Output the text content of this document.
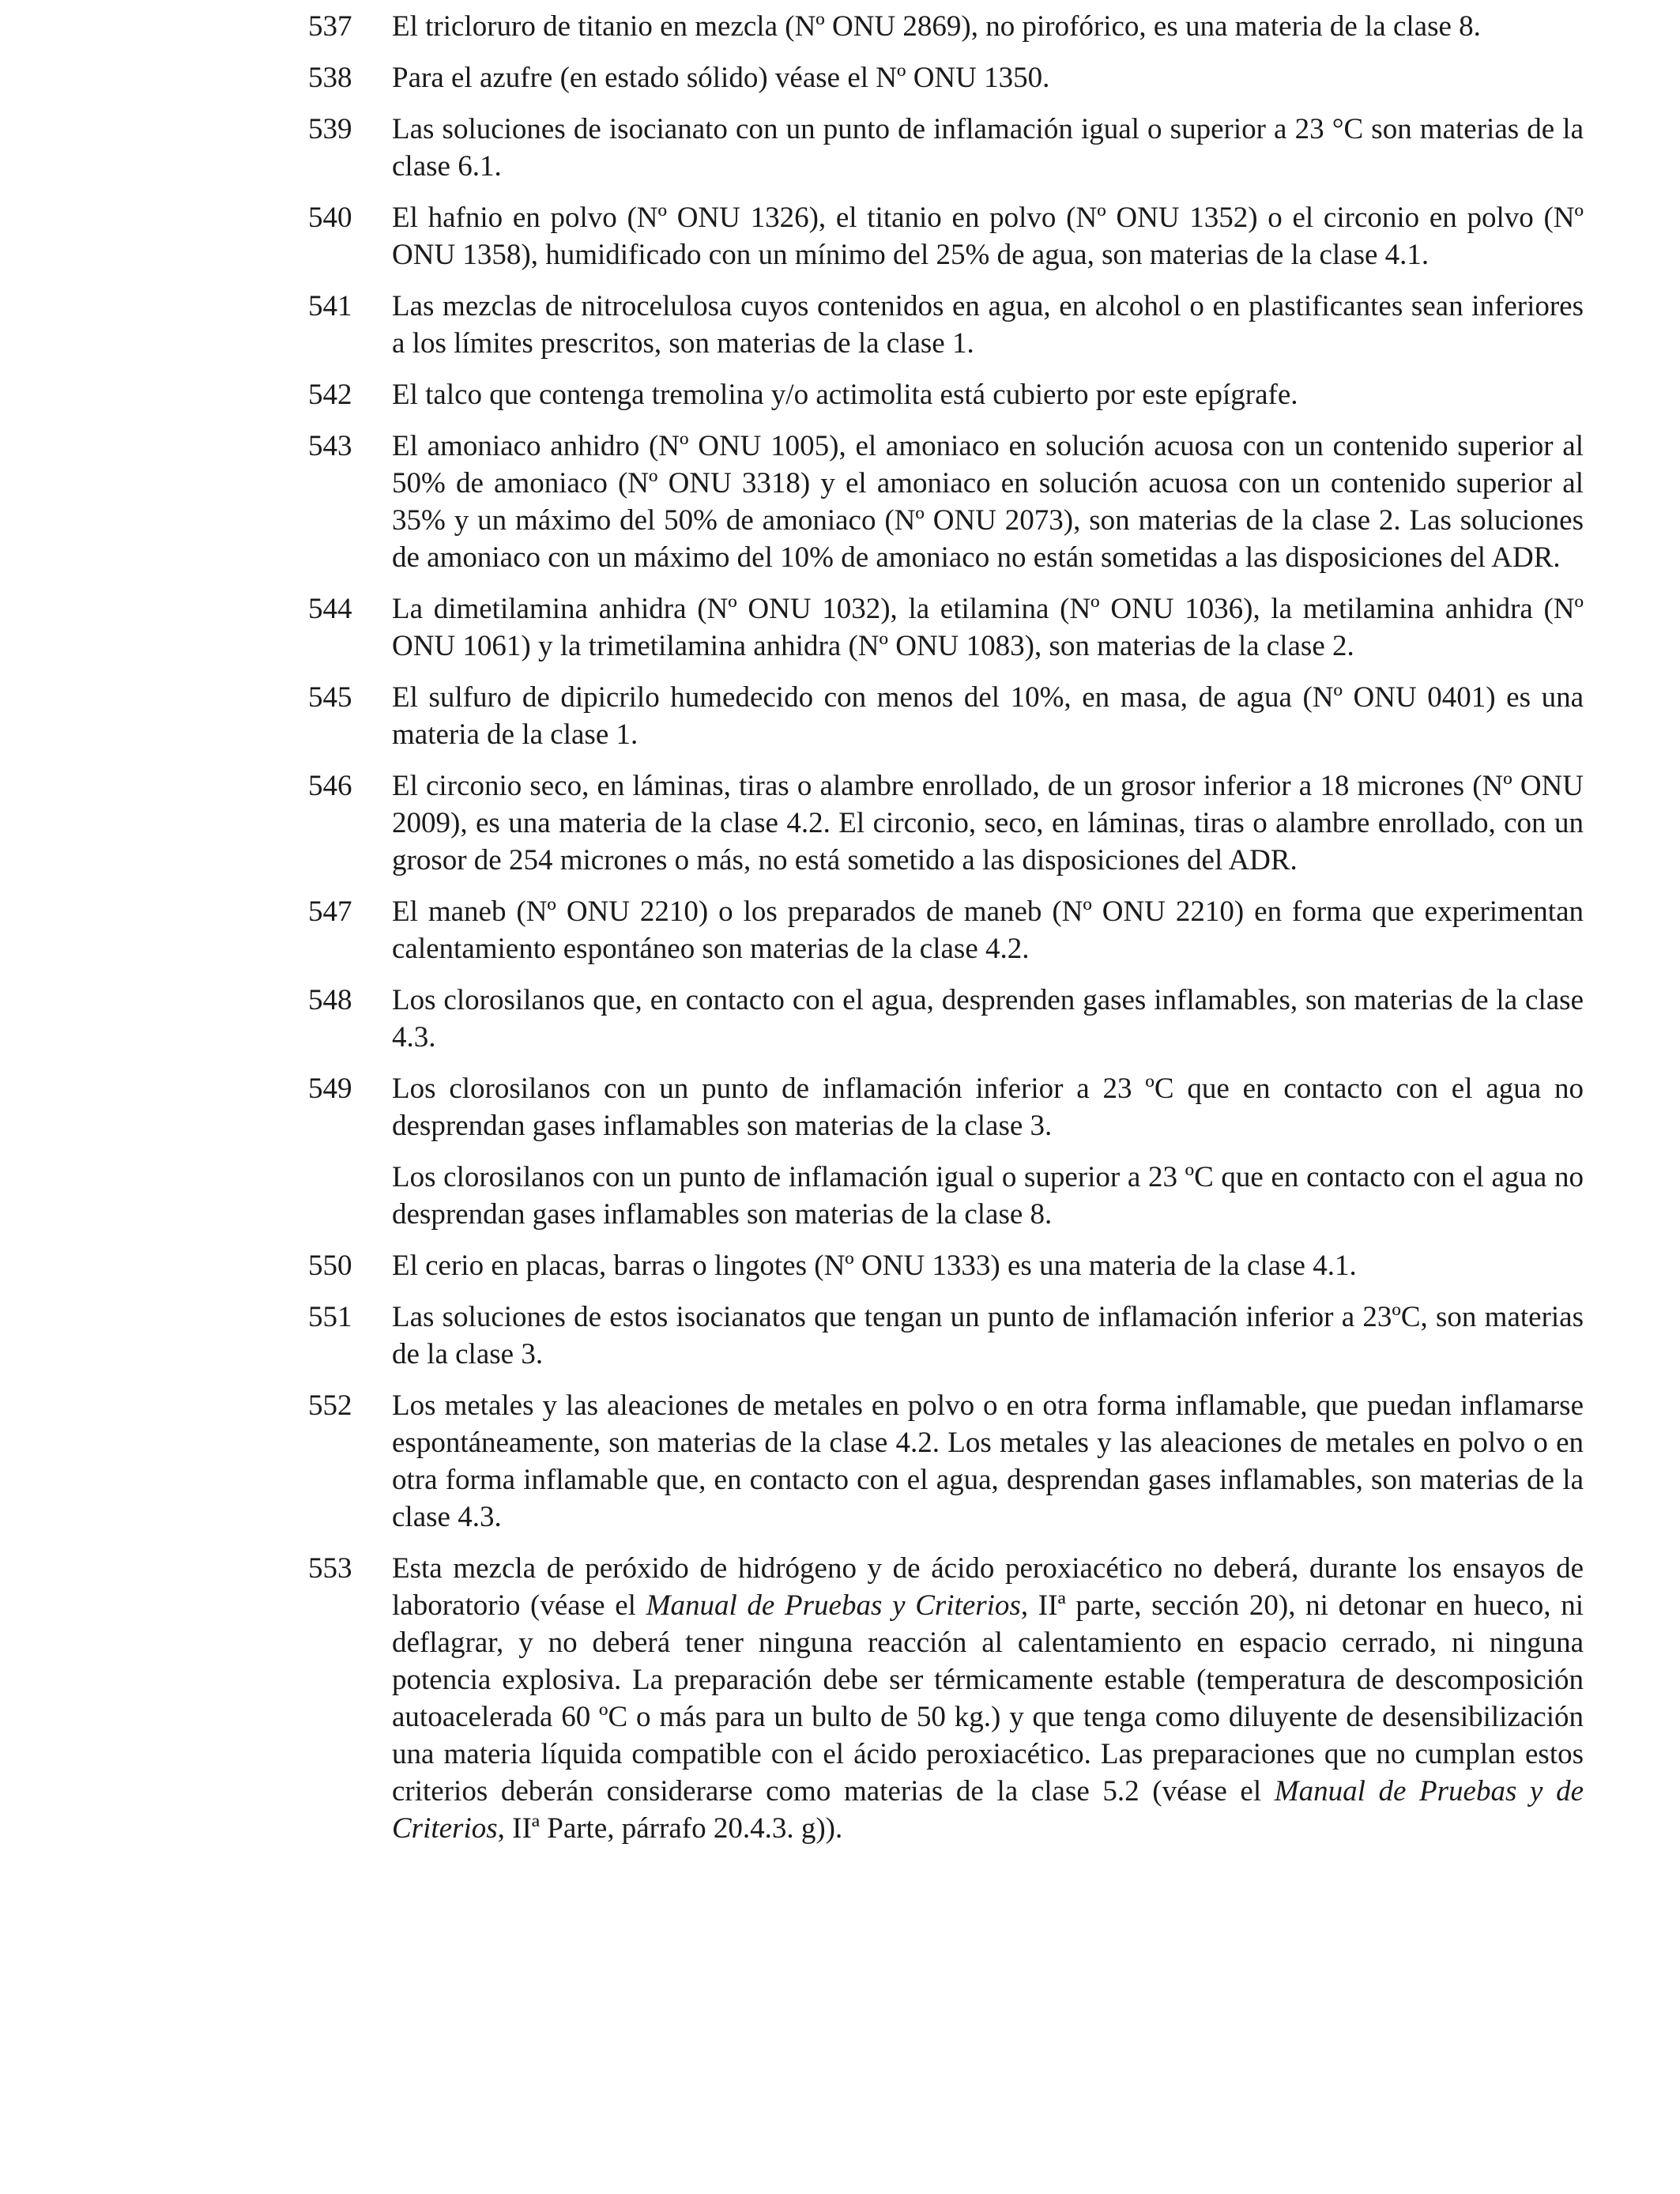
537	El tricloruro de titanio en mezcla (Nº ONU 2869), no pirofórico, es una materia de la clase 8.

538	Para el azufre (en estado sólido) véase el Nº ONU 1350.

539	Las soluciones de isocianato con un punto de inflamación igual o superior a 23 °C son materias de la clase 6.1.

540	El hafnio en polvo (Nº ONU 1326), el titanio en polvo (Nº ONU 1352) o el circonio en polvo (Nº ONU 1358), humidificado con un mínimo del 25% de agua, son materias de la clase 4.1.

541	Las mezclas de nitrocelulosa cuyos contenidos en agua, en alcohol o en plastificantes sean inferiores a los límites prescritos, son materias de la clase 1.

542	El talco que contenga tremolina y/o actimolita está cubierto por este epígrafe.

543	El amoniaco anhidro (Nº ONU 1005), el amoniaco en solución acuosa con un contenido superior al 50% de amoniaco (Nº ONU 3318) y el amoniaco en solución acuosa con un contenido superior al 35% y un máximo del 50% de amoniaco (Nº ONU 2073), son materias de la clase 2. Las soluciones de amoniaco con un máximo del 10% de amoniaco no están sometidas a las disposiciones del ADR.

544	La dimetilamina anhidra (Nº ONU 1032), la etilamina (Nº ONU 1036), la metilamina anhidra (Nº ONU 1061) y la trimetilamina anhidra (Nº ONU 1083), son materias de la clase 2.

545	El sulfuro de dipicrilo humedecido con menos del 10%, en masa, de agua (Nº ONU 0401) es una materia de la clase 1.

546	El circonio seco, en láminas, tiras o alambre enrollado, de un grosor inferior a 18 micrones (Nº ONU 2009), es una materia de la clase 4.2. El circonio, seco, en láminas, tiras o alambre enrollado, con un grosor de 254 micrones o más, no está sometido a las disposiciones del ADR.

547	El maneb (Nº ONU 2210) o los preparados de maneb (Nº ONU 2210) en forma que experimentan calentamiento espontáneo son materias de la clase 4.2.

548	Los clorosilanos que, en contacto con el agua, desprenden gases inflamables, son materias de la clase 4.3.

549	Los clorosilanos con un punto de inflamación inferior a 23 ºC que en contacto con el agua no desprendan gases inflamables son materias de la clase 3.

Los clorosilanos con un punto de inflamación igual o superior a 23 ºC que en contacto con el agua no desprendan gases inflamables son materias de la clase 8.

550	El cerio en placas, barras o lingotes (Nº ONU 1333) es una materia de la clase 4.1.

551	Las soluciones de estos isocianatos que tengan un punto de inflamación inferior a 23ºC, son materias de la clase 3.

552	Los metales y las aleaciones de metales en polvo o en otra forma inflamable, que puedan inflamarse espontáneamente, son materias de la clase 4.2. Los metales y las aleaciones de metales en polvo o en otra forma inflamable que, en contacto con el agua, desprendan gases inflamables, son materias de la clase 4.3.

553	Esta mezcla de peróxido de hidrógeno y de ácido peroxiacético no deberá, durante los ensayos de laboratorio (véase el Manual de Pruebas y Criterios, IIª parte, sección 20), ni detonar en hueco, ni deflagrar, y no deberá tener ninguna reacción al calentamiento en espacio cerrado, ni ninguna potencia explosiva. La preparación debe ser térmicamente estable (temperatura de descomposición autoacelerada 60 ºC o más para un bulto de 50 kg.) y que tenga como diluyente de desensibilización una materia líquida compatible con el ácido peroxiacético. Las preparaciones que no cumplan estos criterios deberán considerarse como materias de la clase 5.2 (véase el Manual de Pruebas y de Criterios, IIª Parte, párrafo 20.4.3. g)).
